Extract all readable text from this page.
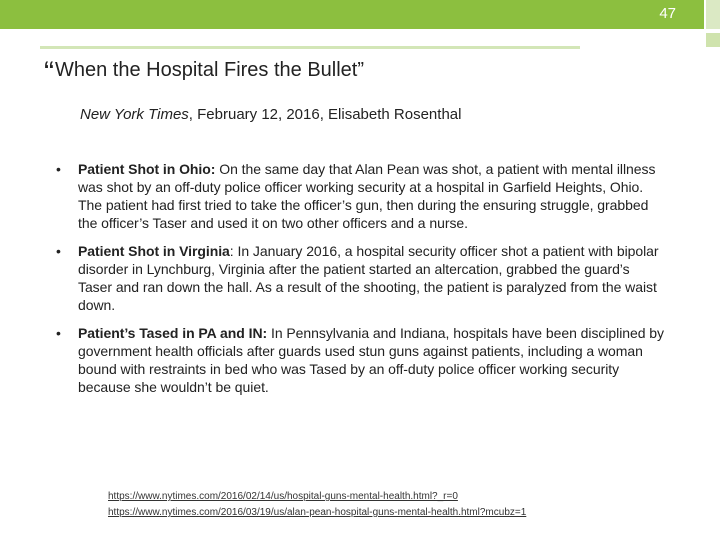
47
“When the Hospital Fires the Bullet”
New York Times, February 12, 2016, Elisabeth Rosenthal
• Patient Shot in Ohio: On the same day that Alan Pean was shot, a patient with mental illness was shot by an off-duty police officer working security at a hospital in Garfield Heights, Ohio. The patient had first tried to take the officer’s gun, then during the ensuring struggle, grabbed the officer’s Taser and used it on two other officers and a nurse.
• Patient Shot in Virginia: In January 2016, a hospital security officer shot a patient with bipolar disorder in Lynchburg, Virginia after the patient started an altercation, grabbed the guard’s Taser and ran down the hall. As a result of the shooting, the patient is paralyzed from the waist down.
• Patient’s Tased in PA and IN: In Pennsylvania and Indiana, hospitals have been disciplined by government health officials after guards used stun guns against patients, including a woman bound with restraints in bed who was Tased by an off-duty police officer working security because she wouldn’t be quiet.
https://www.nytimes.com/2016/02/14/us/hospital-guns-mental-health.html?_r=0
https://www.nytimes.com/2016/03/19/us/alan-pean-hospital-guns-mental-health.html?mcubz=1
